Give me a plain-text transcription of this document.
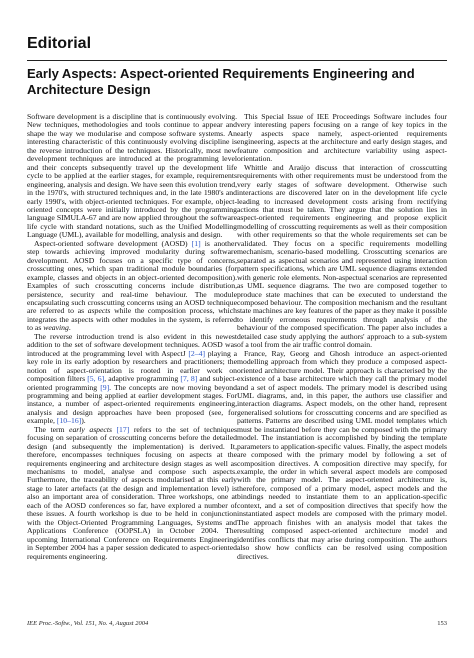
Editorial
Early Aspects: Aspect-oriented Requirements Engineering and Architecture Design

Software development is a discipline that is continuously evolving. New techniques, methodologies and tools continue to appear and shape the way we modularise and compose software systems. An interesting characteristic of this continuously evolving discipline is the reverse introduction of the techniques. Historically, most new development techniques are introduced at the programming level and their concepts subsequently travel up the development life cycle to be applied at the earlier stages, for example, requirements engineering, analysis and design. We have seen this evolution trend, in the 1970's, with structured techniques and, in the late 1980's and early 1990's, with object-oriented techniques. For example, object-oriented concepts were initially introduced by the programming language SIMULA-67 and are now applied throughout the software life cycle with standard notations, such as the Unified Modelling Language (UML), available for modelling, analysis and design.

Aspect-oriented software development (AOSD) [1] is another step towards achieving improved modularity during software development. AOSD focuses on a specific type of concerns, crosscutting ones, which span traditional module boundaries (for example, classes and objects in an object-oriented decomposition). Examples of such crosscutting concerns include distribution, persistence, security and real-time behaviour. The module encapsulating such crosscutting concerns using an AOSD technique are referred to as aspects while the composition process, which integrates the aspects with other modules in the system, is referred to as weaving.

The reverse introduction trend is also evident in this newest addition to the set of software development techniques. AOSD was introduced at the programming level with AspectJ [2–4] playing a key role in its early adoption by researchers and practitioners; the notion of aspect-orientation is rooted in earlier work on composition filters [5, 6], adaptive programming [7, 8] and subject-oriented programming [9]. The concepts are now moving beyond programming and being applied at earlier development stages. For instance, a number of aspect-oriented requirements engineering, analysis and design approaches have been proposed (see, for example, [10–16]).

The term early aspects [17] refers to the set of techniques focusing on separation of crosscutting concerns before the detailed design (and subsequently the implementation) is derived. It, therefore, encompasses techniques focusing on aspects at the requirements engineering and architecture design stages as well as mechanisms to model, analyse and compose such aspects. Furthermore, the traceability of aspects modularised at this early stage to later artefacts (at the design and implementation level) is also an important area of consideration. Three workshops, one at each of the AOSD conferences so far, have explored a number of these issues. A fourth workshop is due to be held in conjunction with the Object-Oriented Programming Languages, Systems and Applications Conference (OOPSLA) in October 2004. The upcoming International Conference on Requirements Engineering in September 2004 has a paper session dedicated to aspect-oriented requirements engineering.

This Special Issue of IEE Proceedings Software includes four very interesting papers focusing on a range of key topics in the early aspects space namely, aspect-oriented requirements engineering, aspects at the architecture and early design stages, and feature composition and architecture variability using aspect-orientation.

Whittle and Araújo discuss that interaction of crosscutting requirements with other requirements must be understood from the very early stages of software development. Otherwise such interactions are discovered later on in the development life cycle leading to increased development costs arising from rectifying actions that must be taken. They argue that the solution lies in aspect-oriented requirements engineering and propose explicit modelling of crosscutting requirements as well as their composition with other requirements so that the whole requirements set can be validated. They focus on a specific requirements modelling mechanism, scenario-based modelling. Crosscutting scenarios are separated as aspectual scenarios and represented using interaction pattern specifications, which are UML sequence diagrams extended with generic role elements. Non-aspectual scenarios are represented as UML sequence diagrams. The two are composed together to produce state machines that can be executed to understand the composed behaviour. The composition mechanism and the resultant state machines are key features of the paper as they make it possible to identify erroneous requirements through analysis of the behaviour of the composed specification. The paper also includes a detailed case study applying the authors' approach to a sub-system of a tool from the air traffic control domain.

France, Ray, Georg and Ghosh introduce an aspect-oriented modelling approach from which they produce a composed aspect-oriented architecture model. Their approach is characterised by the existence of a base architecture which they call the primary model and a set of aspect models. The primary model is described using UML diagrams, and, in this paper, the authors use classifier and interaction diagrams. Aspect models, on the other hand, represent generalised solutions for crosscutting concerns and are specified as patterns. Patterns are described using UML model templates which must be instantiated before they can be composed with the primary model. The instantiation is accomplished by binding the template parameters to application-specific values. Finally, the aspect models are composed with the primary model by following a set of composition directives. A composition directive may specify, for example, the order in which several aspect models are composed with the primary model. The aspect-oriented architecture is, therefore, composed of a primary model, aspect models and the bindings needed to instantiate them to an application-specific context, and a set of composition directives that specify how the instantiated aspect models are composed with the primary model. The approach finishes with an analysis model that takes the resulting composed aspect-oriented architecture model and identifies conflicts that may arise during composition. The authors also show how conflicts can be resolved using composition directives.

IEE Proc.-Softw., Vol. 151, No. 4, August 2004	153
